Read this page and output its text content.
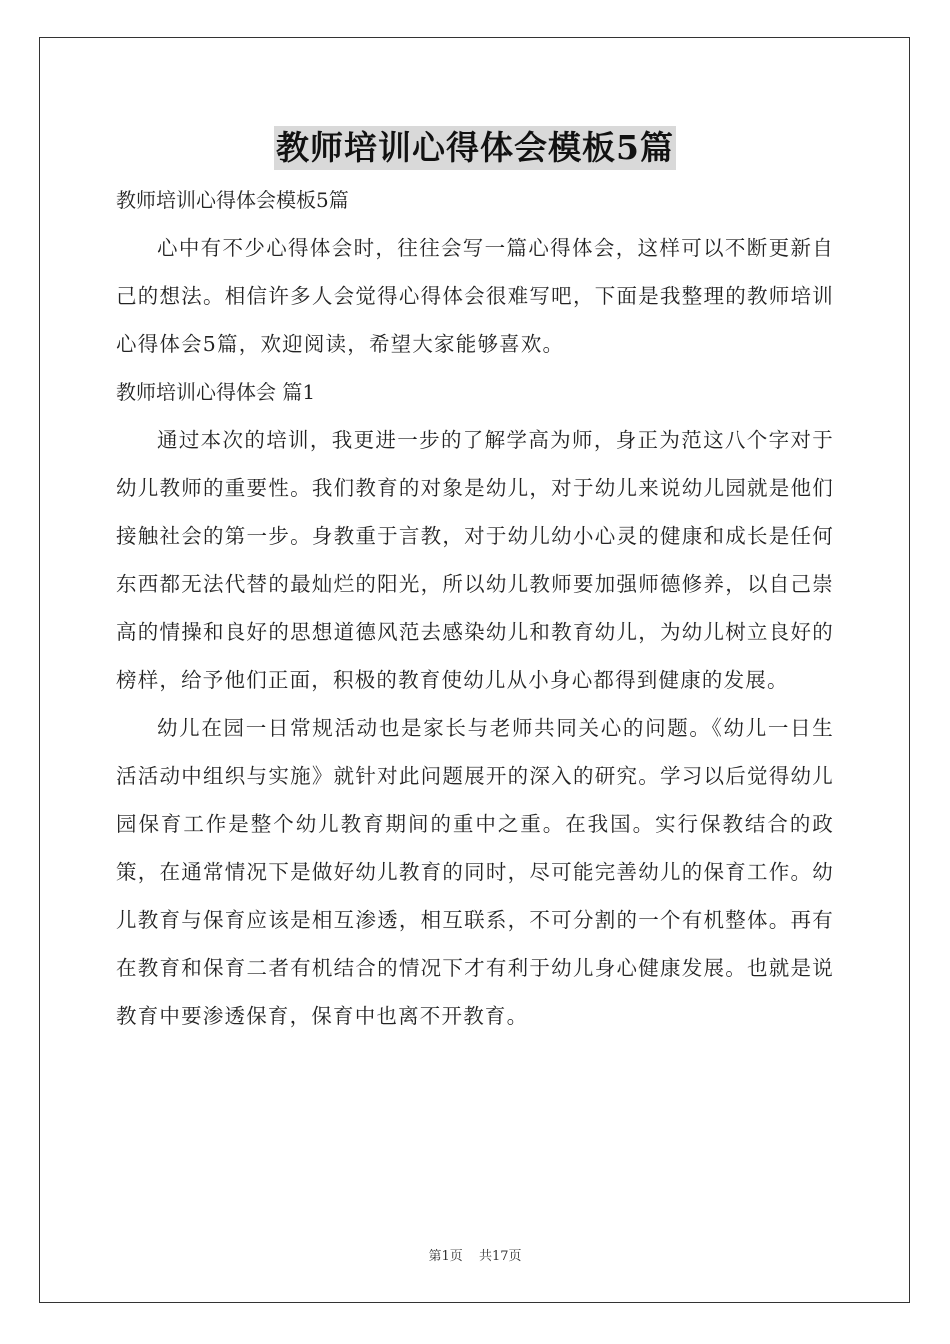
教师培训心得体会模板5篇

教师培训心得体会模板5篇

心中有不少心得体会时，往往会写一篇心得体会，这样可以不断更新自己的想法。相信许多人会觉得心得体会很难写吧，下面是我整理的教师培训心得体会5篇，欢迎阅读，希望大家能够喜欢。

教师培训心得体会 篇1

通过本次的培训，我更进一步的了解学高为师，身正为范这八个字对于幼儿教师的重要性。我们教育的对象是幼儿，对于幼儿来说幼儿园就是他们接触社会的第一步。身教重于言教，对于幼儿幼小心灵的健康和成长是任何东西都无法代替的最灿烂的阳光，所以幼儿教师要加强师德修养，以自己崇高的情操和良好的思想道德风范去感染幼儿和教育幼儿，为幼儿树立良好的榜样，给予他们正面，积极的教育使幼儿从小身心都得到健康的发展。

幼儿在园一日常规活动也是家长与老师共同关心的问题。《幼儿一日生活活动中组织与实施》就针对此问题展开的深入的研究。学习以后觉得幼儿园保育工作是整个幼儿教育期间的重中之重。在我国。实行保教结合的政策，在通常情况下是做好幼儿教育的同时，尽可能完善幼儿的保育工作。幼儿教育与保育应该是相互渗透，相互联系，不可分割的一个有机整体。再有在教育和保育二者有机结合的情况下才有利于幼儿身心健康发展。也就是说教育中要渗透保育，保育中也离不开教育。

第1页 共17页
